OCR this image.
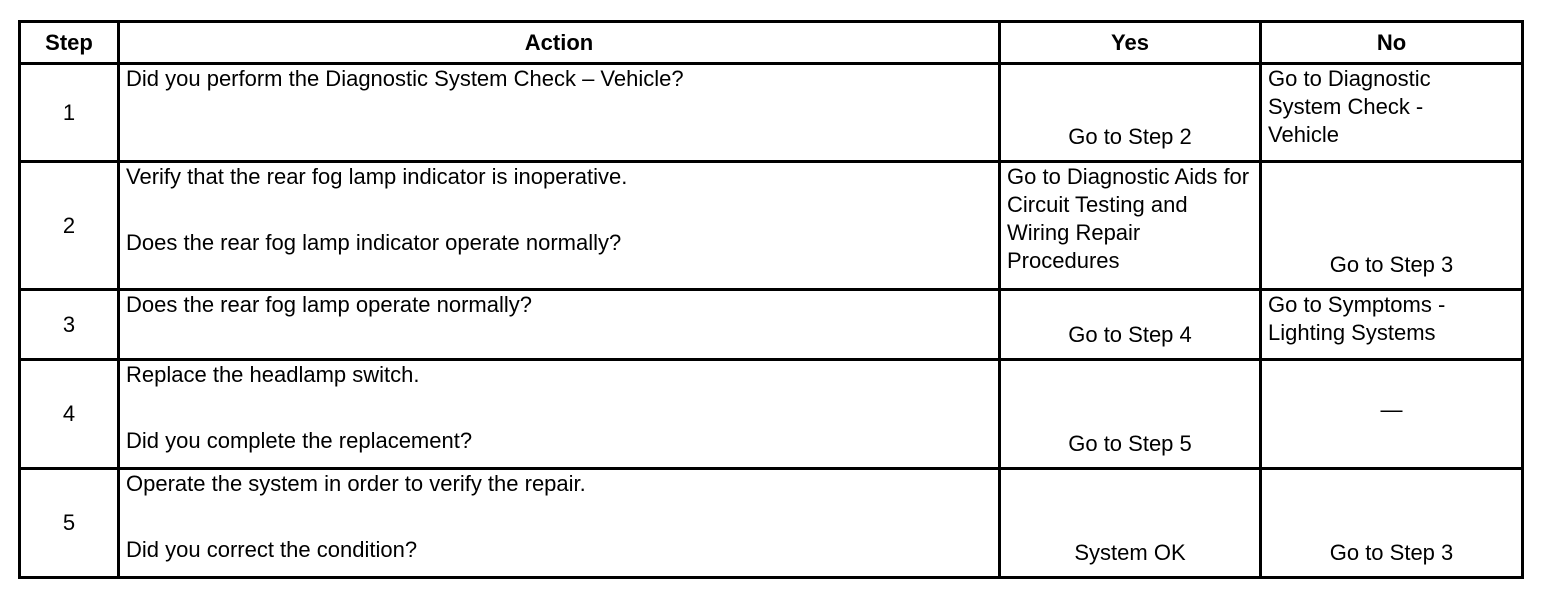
Step	Action	Yes	No
1	Did you perform the Diagnostic System Check – Vehicle?	Go to Step 2	Go to Diagnostic System Check - Vehicle

2	Verify that the rear fog lamp indicator is inoperative.
Does the rear fog lamp indicator operate normally?	Go to Diagnostic Aids for Circuit Testing and Wiring Repair Procedures	Go to Step 3

3	Does the rear fog lamp operate normally?	Go to Step 4	Go to Symptoms - Lighting Systems

4	Replace the headlamp switch.
Did you complete the replacement?	Go to Step 5	—

5	Operate the system in order to verify the repair.
Did you correct the condition?	System OK	Go to Step 3
